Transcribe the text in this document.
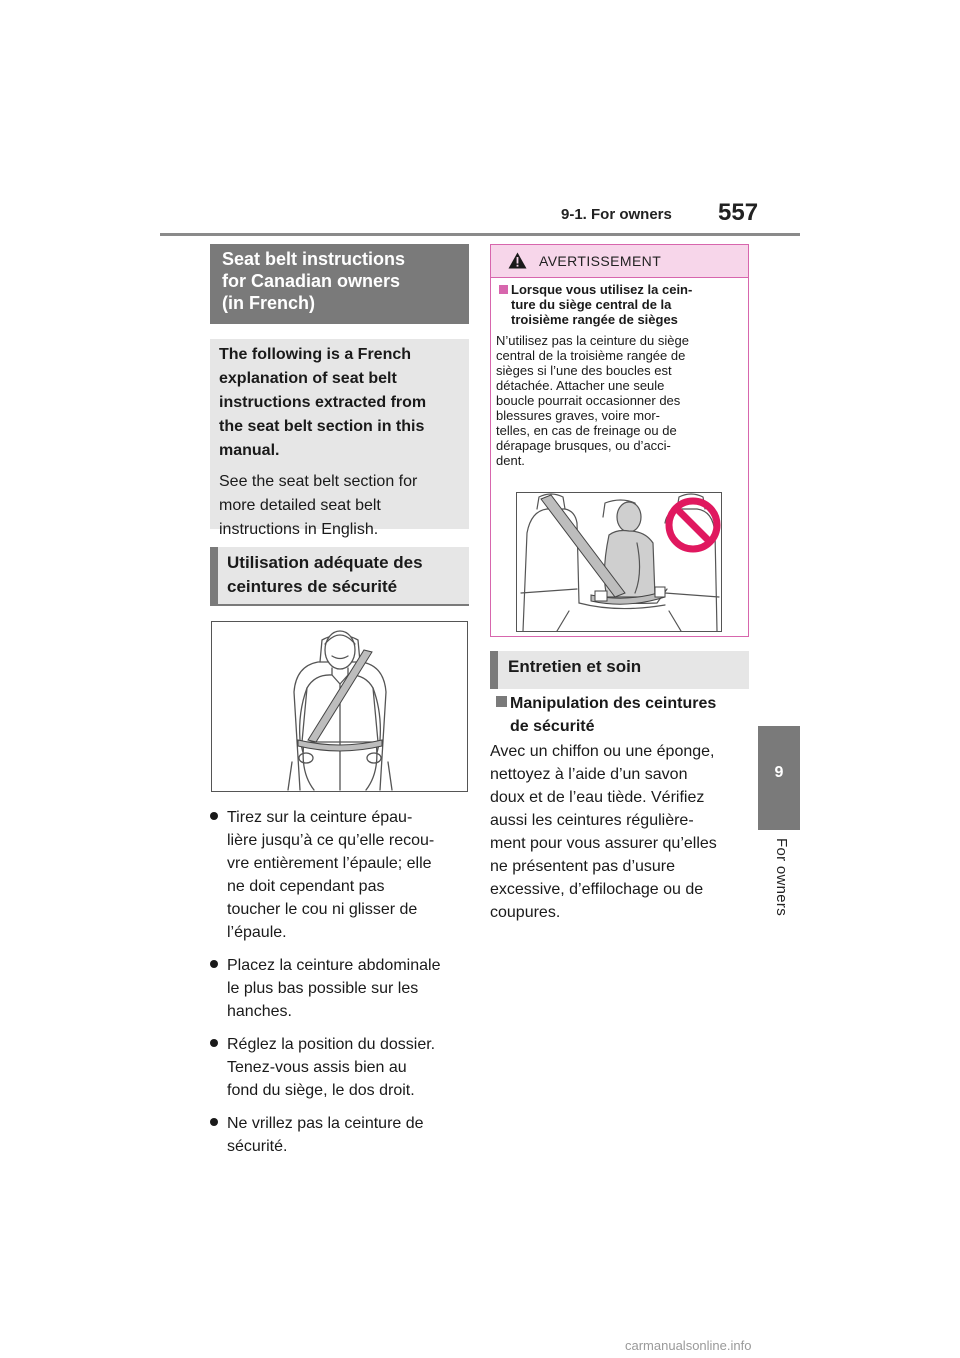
9-1. For owners 557
9
For owners
Seat belt instructions
for Canadian owners
(in French)

The following is a French
explanation of seat belt
instructions extracted from
the seat belt section in this
manual.

See the seat belt section for
more detailed seat belt
instructions in English.

Utilisation adéquate des
ceintures de sécurité
Tirez sur la ceinture épau-
lière jusqu’à ce qu’elle recou-
vre entièrement l’épaule; elle
ne doit cependant pas
toucher le cou ni glisser de
l’épaule.
Placez la ceinture abdominale
le plus bas possible sur les
hanches.
Réglez la position du dossier.
Tenez-vous assis bien au
fond du siège, le dos droit.
Ne vrillez pas la ceinture de
sécurité.
AVERTISSEMENT
Lorsque vous utilisez la cein-
ture du siège central de la
troisième rangée de sièges
N’utilisez pas la ceinture du siège
central de la troisième rangée de
sièges si l’une des boucles est
détachée. Attacher une seule
boucle pourrait occasionner des
blessures graves, voire mor-
telles, en cas de freinage ou de
dérapage brusques, ou d’acci-
dent.
Entretien et soin
Manipulation des ceintures
de sécurité
Avec un chiffon ou une éponge,
nettoyez à l’aide d’un savon
doux et de l’eau tiède. Vérifiez
aussi les ceintures régulière-
ment pour vous assurer qu’elles
ne présentent pas d’usure
excessive, d’effilochage ou de
coupures.
carmanualsonline.info
